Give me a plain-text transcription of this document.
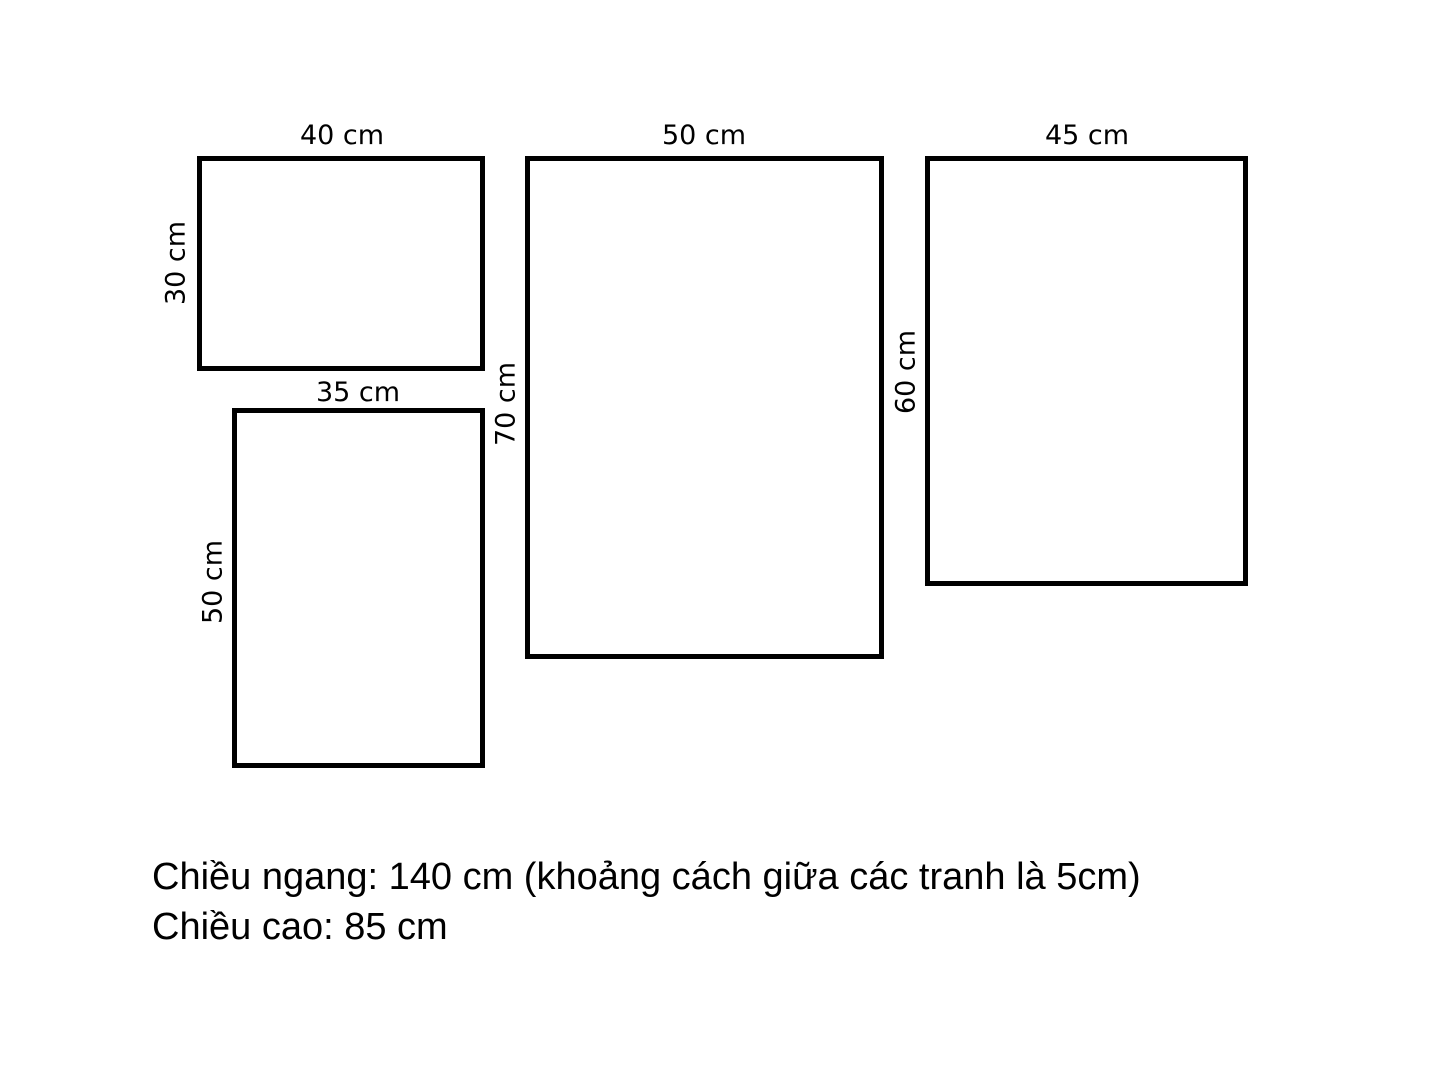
40 cm
30 cm
35 cm
50 cm
50 cm
70 cm
45 cm
60 cm
Chiều ngang: 140 cm (khoảng cách giữa các tranh là 5cm)
Chiều cao: 85 cm
